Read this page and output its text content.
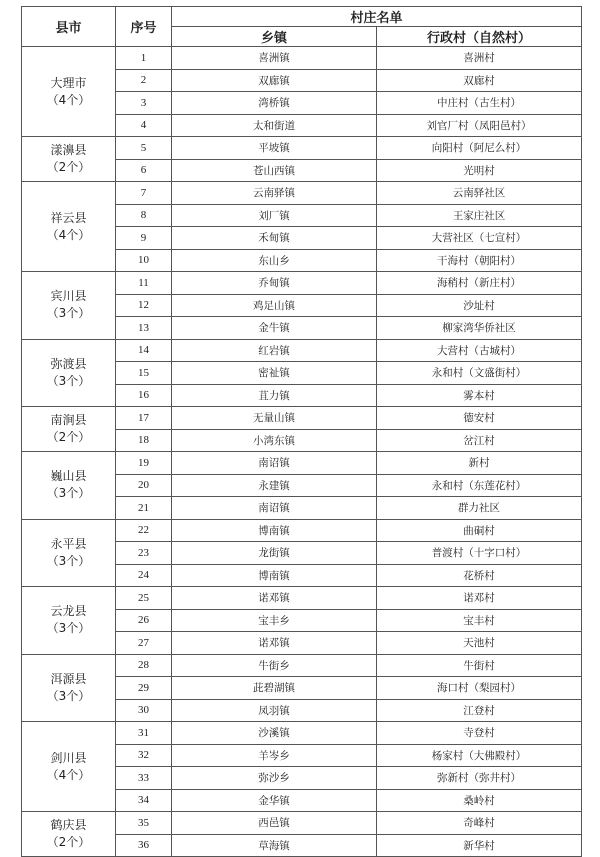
县市	序号	村庄名单	
		乡镇	行政村（自然村）

大理市
（4个）	1	喜洲镇	喜洲村
	2	双廊镇	双廊村
	3	湾桥镇	中庄村（古生村）
	4	太和街道	刘官厂村（凤阳邑村）

漾濞县
（2个）	5	平坡镇	向阳村（阿尼么村）
	6	苍山西镇	光明村

祥云县
（4个）	7	云南驿镇	云南驿社区
	8	刘厂镇	王家庄社区
	9	禾甸镇	大营社区（七宣村）
	10	东山乡	干海村（朝阳村）

宾川县
（3个）	11	乔甸镇	海稍村（新庄村）
	12	鸡足山镇	沙址村
	13	金牛镇	柳家湾华侨社区

弥渡县
（3个）	14	红岩镇	大营村（古城村）
	15	密祉镇	永和村（文盛街村）
	16	苴力镇	雾本村

南涧县
（2个）	17	无量山镇	德安村
	18	小湾东镇	岔江村

巍山县
（3个）	19	南诏镇	新村
	20	永建镇	永和村（东莲花村）
	21	南诏镇	群力社区

永平县
（3个）	22	博南镇	曲硐村
	23	龙街镇	普渡村（十字口村）
	24	博南镇	花桥村

云龙县
（3个）	25	诺邓镇	诺邓村
	26	宝丰乡	宝丰村
	27	诺邓镇	天池村

洱源县
（3个）	28	牛街乡	牛街村
	29	茈碧湖镇	海口村（梨园村）
	30	凤羽镇	江登村

剑川县
（4个）	31	沙溪镇	寺登村
	32	羊岑乡	杨家村（大佛殿村）
	33	弥沙乡	弥新村（弥井村）
	34	金华镇	桑岭村

鹤庆县
（2个）	35	西邑镇	奇峰村
	36	草海镇	新华村
